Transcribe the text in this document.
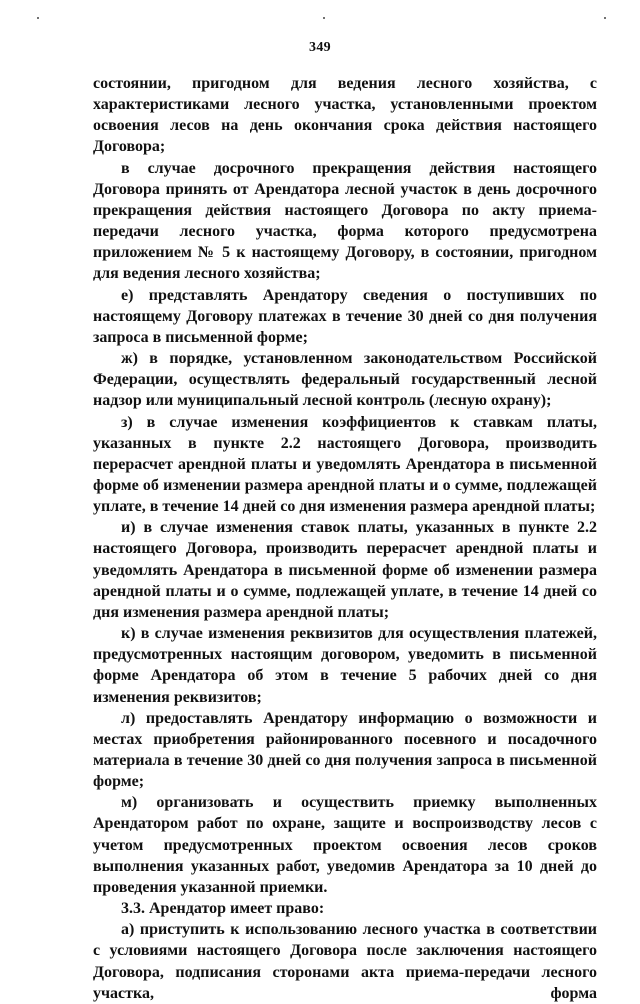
349

состоянии, пригодном для ведения лесного хозяйства, с характеристиками лесного участка, установленными проектом освоения лесов на день окончания срока действия настоящего Договора;

в случае досрочного прекращения действия настоящего Договора принять от Арендатора лесной участок в день досрочного прекращения действия настоящего Договора по акту приема-передачи лесного участка, форма которого предусмотрена приложением № 5 к настоящему Договору, в состоянии, пригодном для ведения лесного хозяйства;

е) представлять Арендатору сведения о поступивших по настоящему Договору платежах в течение 30 дней со дня получения запроса в письменной форме;

ж) в порядке, установленном законодательством Российской Федерации, осуществлять федеральный государственный лесной надзор или муниципальный лесной контроль (лесную охрану);

з) в случае изменения коэффициентов к ставкам платы, указанных в пункте 2.2 настоящего Договора, производить перерасчет арендной платы и уведомлять Арендатора в письменной форме об изменении размера арендной платы и о сумме, подлежащей уплате, в течение 14 дней со дня изменения размера арендной платы;

и) в случае изменения ставок платы, указанных в пункте 2.2 настоящего Договора, производить перерасчет арендной платы и уведомлять Арендатора в письменной форме об изменении размера арендной платы и о сумме, подлежащей уплате, в течение 14 дней со дня изменения размера арендной платы;

к) в случае изменения реквизитов для осуществления платежей, предусмотренных настоящим договором, уведомить в письменной форме Арендатора об этом в течение 5 рабочих дней со дня изменения реквизитов;

л) предоставлять Арендатору информацию о возможности и местах приобретения районированного посевного и посадочного материала в течение 30 дней со дня получения запроса в письменной форме;

м) организовать и осуществить приемку выполненных Арендатором работ по охране, защите и воспроизводству лесов с учетом предусмотренных проектом освоения лесов сроков выполнения указанных работ, уведомив Арендатора за 10 дней до проведения указанной приемки.

3.3. Арендатор имеет право:

а) приступить к использованию лесного участка в соответствии с условиями настоящего Договора после заключения настоящего Договора, подписания сторонами акта приема-передачи лесного участка, форма
